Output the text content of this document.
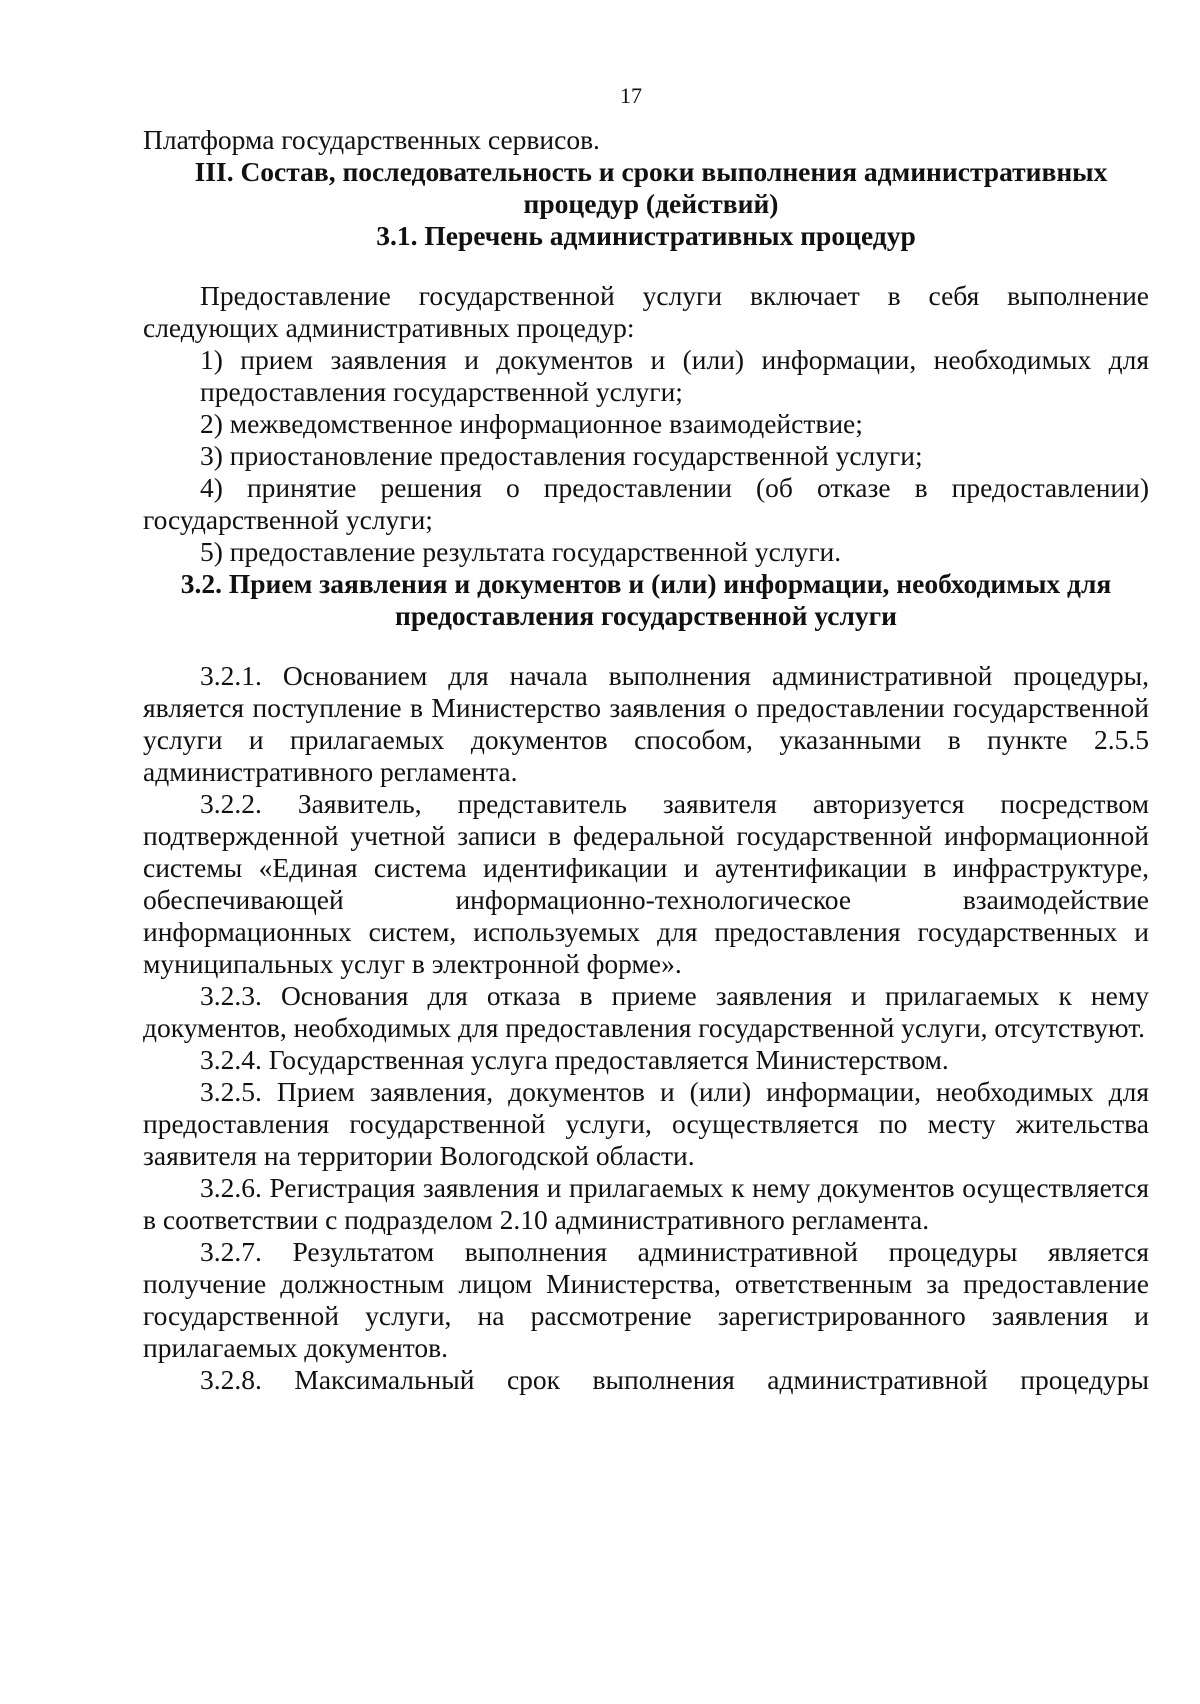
17

Платформа государственных сервисов.

III. Состав, последовательность и сроки выполнения административных процедур (действий)

3.1. Перечень административных процедур

Предоставление государственной услуги включает в себя выполнение следующих административных процедур:

1) прием заявления и документов и (или) информации, необходимых для предоставления государственной услуги;

2) межведомственное информационное взаимодействие;

3) приостановление предоставления государственной услуги;

4) принятие решения о предоставлении (об отказе в предоставлении) государственной услуги;

5) предоставление результата государственной услуги.

3.2. Прием заявления и документов и (или) информации, необходимых для предоставления государственной услуги

3.2.1. Основанием для начала выполнения административной процедуры, является поступление в Министерство заявления о предоставлении государственной услуги и прилагаемых документов способом, указанными в пункте 2.5.5 административного регламента.

3.2.2. Заявитель, представитель заявителя авторизуется посредством подтвержденной учетной записи в федеральной государственной информационной системы «Единая система идентификации и аутентификации в инфраструктуре, обеспечивающей информационно-технологическое взаимодействие информационных систем, используемых для предоставления государственных и муниципальных услуг в электронной форме».

3.2.3. Основания для отказа в приеме заявления и прилагаемых к нему документов, необходимых для предоставления государственной услуги, отсутствуют.

3.2.4. Государственная услуга предоставляется Министерством.

3.2.5. Прием заявления, документов и (или) информации, необходимых для предоставления государственной услуги, осуществляется по месту жительства заявителя на территории Вологодской области.

3.2.6. Регистрация заявления и прилагаемых к нему документов осуществляется в соответствии с подразделом 2.10 административного регламента.

3.2.7. Результатом выполнения административной процедуры является получение должностным лицом Министерства, ответственным за предоставление государственной услуги, на рассмотрение зарегистрированного заявления и прилагаемых документов.

3.2.8. Максимальный срок выполнения административной процедуры
